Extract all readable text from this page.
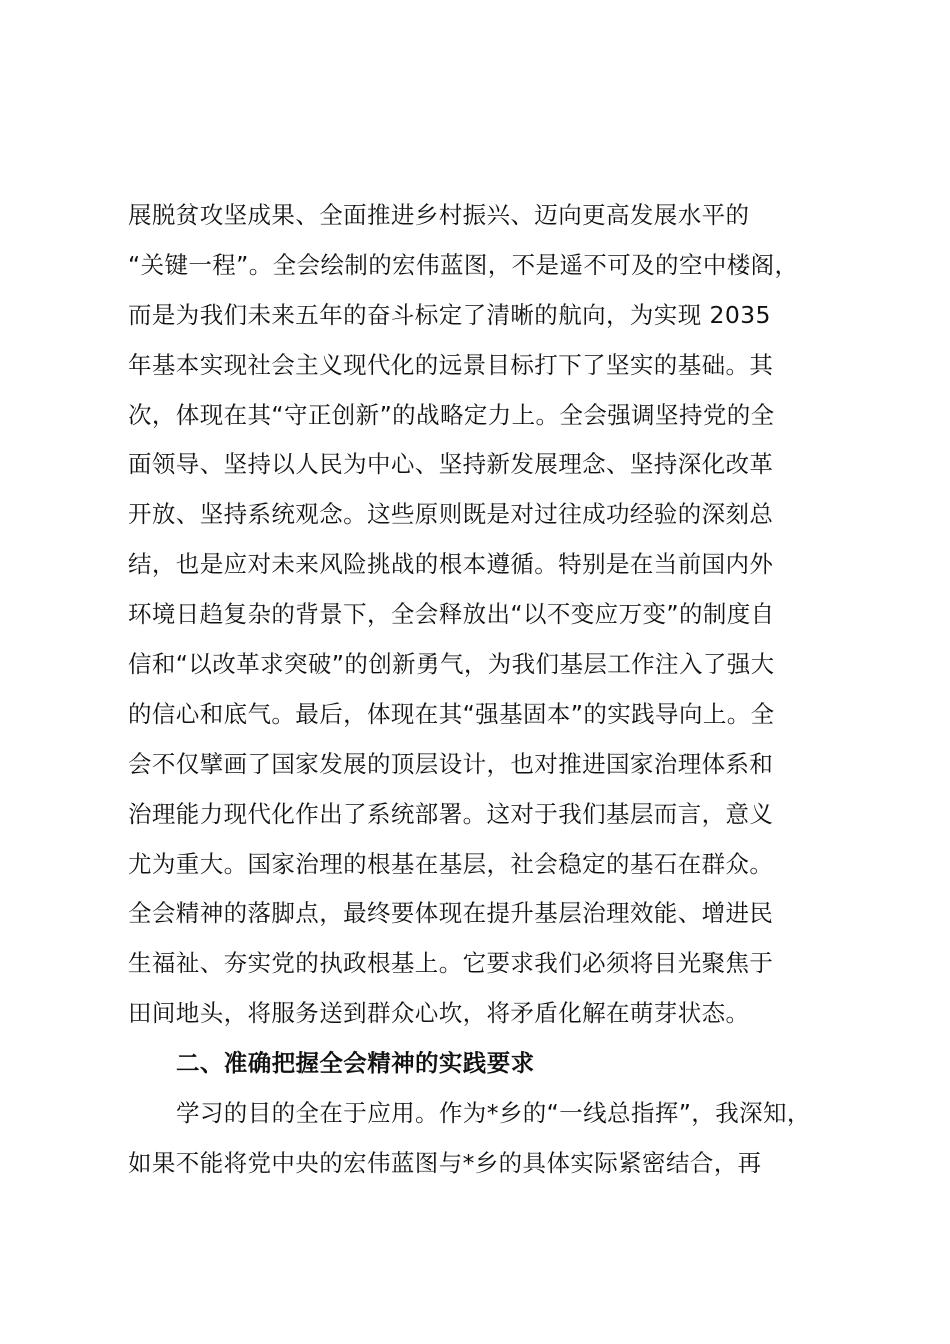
展脱贫攻坚成果、全面推进乡村振兴、迈向更高发展水平的
“关键一程”。全会绘制的宏伟蓝图，不是遥不可及的空中楼阁，
而是为我们未来五年的奋斗标定了清晰的航向，为实现 2035
年基本实现社会主义现代化的远景目标打下了坚实的基础。其
次，体现在其“守正创新”的战略定力上。全会强调坚持党的全
面领导、坚持以人民为中心、坚持新发展理念、坚持深化改革
开放、坚持系统观念。这些原则既是对过往成功经验的深刻总
结，也是应对未来风险挑战的根本遵循。特别是在当前国内外
环境日趋复杂的背景下，全会释放出“以不变应万变”的制度自
信和“以改革求突破”的创新勇气，为我们基层工作注入了强大
的信心和底气。最后，体现在其“强基固本”的实践导向上。全
会不仅擘画了国家发展的顶层设计，也对推进国家治理体系和
治理能力现代化作出了系统部署。这对于我们基层而言，意义
尤为重大。国家治理的根基在基层，社会稳定的基石在群众。
全会精神的落脚点，最终要体现在提升基层治理效能、增进民
生福祉、夯实党的执政根基上。它要求我们必须将目光聚焦于
田间地头，将服务送到群众心坎，将矛盾化解在萌芽状态。
二、准确把握全会精神的实践要求
学习的目的全在于应用。作为*乡的“一线总指挥”，我深知，
如果不能将党中央的宏伟蓝图与*乡的具体实际紧密结合，再
